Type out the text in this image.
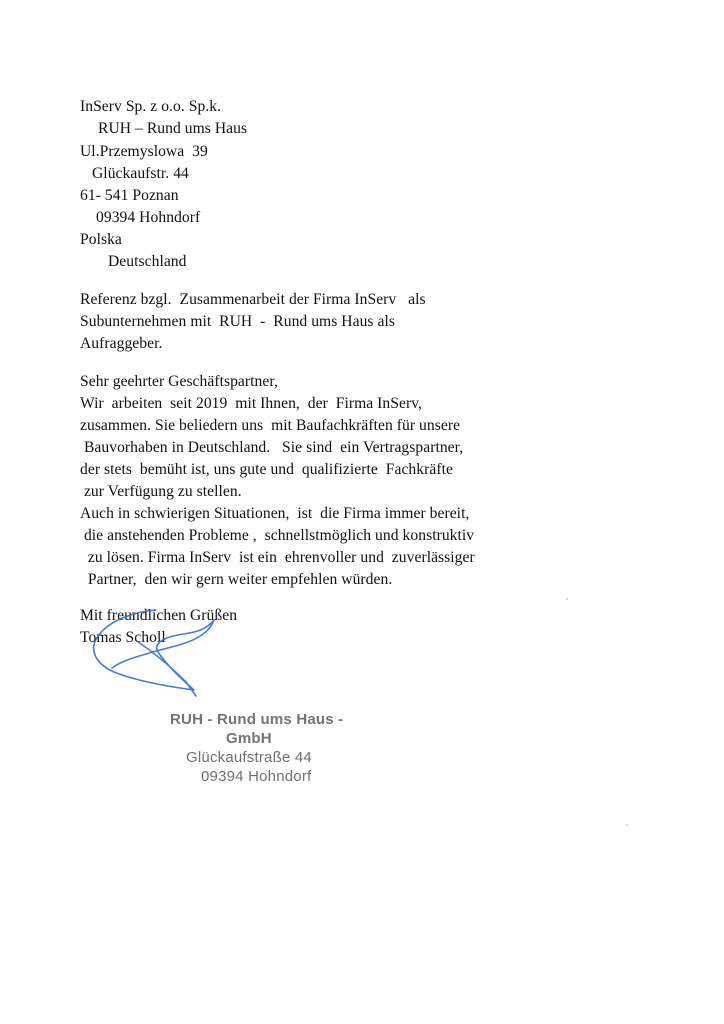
InServ Sp. z o.o. Sp.k.
RUH – Rund ums Haus
Ul.Przemyslowa  39
Glückaufstr. 44
61- 541 Poznan
09394 Hohndorf
Polska
Deutschland
Referenz bzgl.  Zusammenarbeit der Firma InServ   als
Subunternehmen mit  RUH  -  Rund ums Haus als
Aufraggeber.
Sehr geehrter Geschäftspartner,
Wir  arbeiten  seit 2019  mit Ihnen,  der  Firma InServ,
zusammen. Sie beliedern uns  mit Baufachkräften für unsere
Bauvorhaben in Deutschland.   Sie sind  ein Vertragspartner,
der stets  bemüht ist, uns gute und  qualifizierte  Fachkräfte
zur Verfügung zu stellen.
Auch in schwierigen Situationen,  ist  die Firma immer bereit,
die anstehenden Probleme ,  schnellstmöglich und konstruktiv
zu lösen. Firma InServ  ist ein  ehrenvoller und  zuverlässiger
Partner,  den wir gern weiter empfehlen würden.
Mit freundlichen Grüßen
Tomas Scholl
RUH - Rund ums Haus -
GmbH
Glückaufstraße 44
09394 Hohndorf
